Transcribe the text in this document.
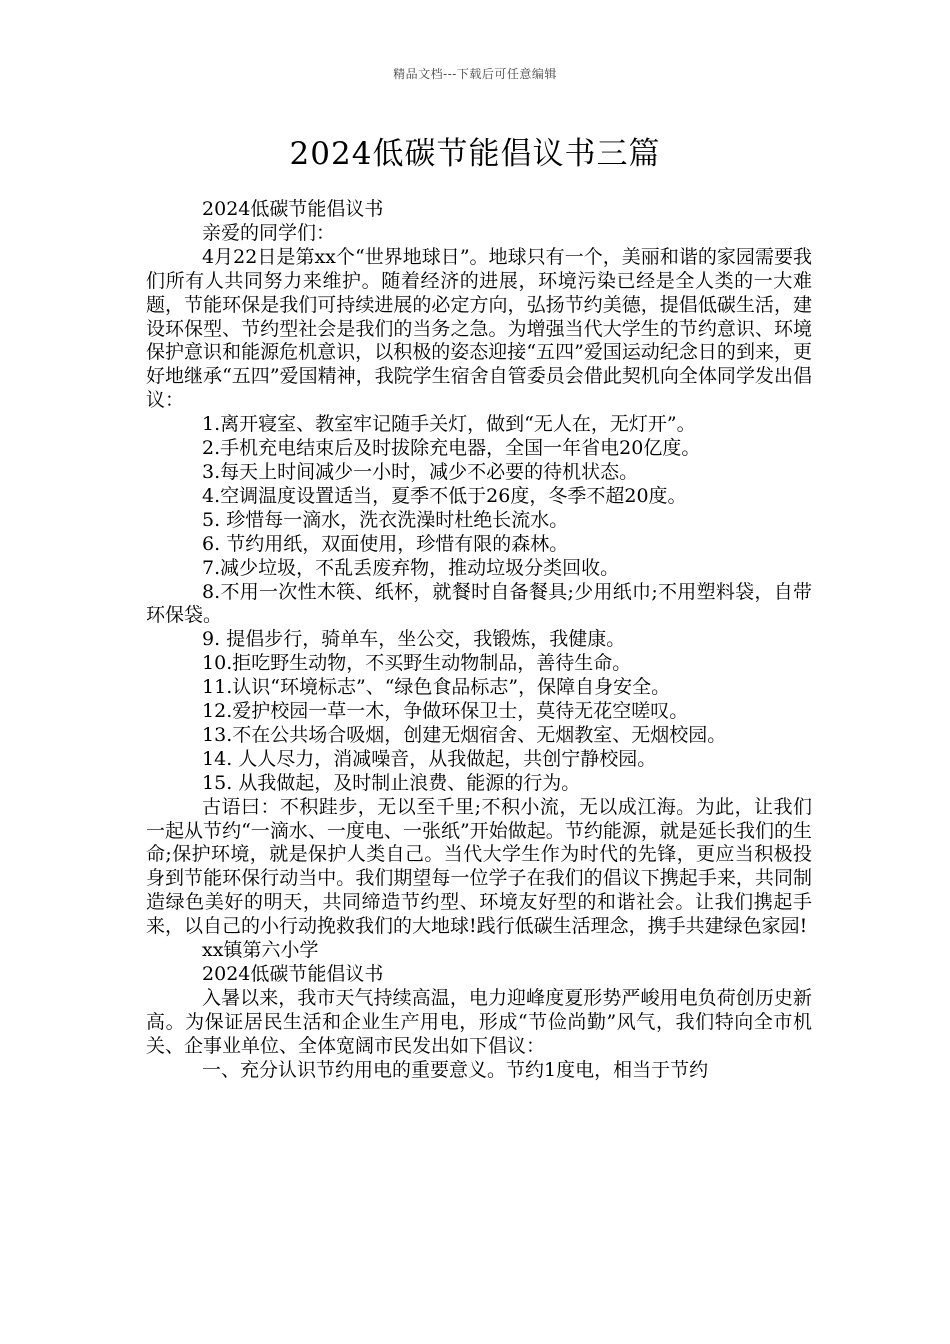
精品文档---下载后可任意编辑
2024低碳节能倡议书三篇

2024低碳节能倡议书

亲爱的同学们：

4月22日是第xx个“世界地球日”。地球只有一个，美丽和谐的家园需要我们所有人共同努力来维护。随着经济的进展，环境污染已经是全人类的一大难题，节能环保是我们可持续进展的必定方向，弘扬节约美德，提倡低碳生活，建设环保型、节约型社会是我们的当务之急。为增强当代大学生的节约意识、环境保护意识和能源危机意识，以积极的姿态迎接“五四”爱国运动纪念日的到来，更好地继承“五四”爱国精神，我院学生宿舍自管委员会借此契机向全体同学发出倡议：

1.离开寝室、教室牢记随手关灯，做到“无人在，无灯开”。

2.手机充电结束后及时拔除充电器，全国一年省电20亿度。

3.每天上时间减少一小时，减少不必要的待机状态。

4.空调温度设置适当，夏季不低于26度，冬季不超20度。

5. 珍惜每一滴水，洗衣洗澡时杜绝长流水。

6. 节约用纸，双面使用，珍惜有限的森林。

7.减少垃圾，不乱丢废弃物，推动垃圾分类回收。

8.不用一次性木筷、纸杯，就餐时自备餐具;少用纸巾;不用塑料袋，自带环保袋。

9. 提倡步行，骑单车，坐公交，我锻炼，我健康。

10.拒吃野生动物，不买野生动物制品，善待生命。

11.认识“环境标志”、“绿色食品标志”，保障自身安全。

12.爱护校园一草一木，争做环保卫士，莫待无花空嗟叹。

13.不在公共场合吸烟，创建无烟宿舍、无烟教室、无烟校园。

14. 人人尽力，消减噪音，从我做起，共创宁静校园。

15. 从我做起，及时制止浪费、能源的行为。

古语曰：不积跬步，无以至千里;不积小流，无以成江海。为此，让我们一起从节约“一滴水、一度电、一张纸”开始做起。节约能源，就是延长我们的生命;保护环境，就是保护人类自己。当代大学生作为时代的先锋，更应当积极投身到节能环保行动当中。我们期望每一位学子在我们的倡议下携起手来，共同制造绿色美好的明天，共同缔造节约型、环境友好型的和谐社会。让我们携起手来，以自己的小行动挽救我们的大地球!践行低碳生活理念，携手共建绿色家园!

xx镇第六小学

2024低碳节能倡议书

入暑以来，我市天气持续高温，电力迎峰度夏形势严峻用电负荷创历史新高。为保证居民生活和企业生产用电，形成“节俭尚勤”风气，我们特向全市机关、企事业单位、全体宽阔市民发出如下倡议：

一、充分认识节约用电的重要意义。节约1度电，相当于节约
